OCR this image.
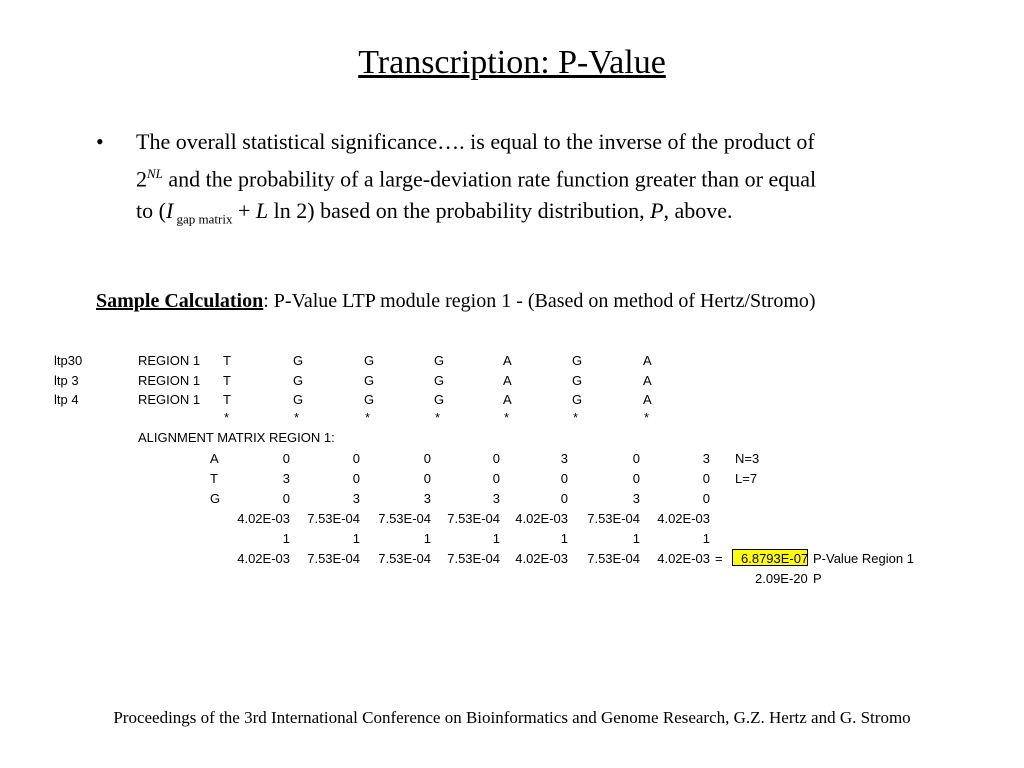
Transcription: P-Value
• The overall statistical significance…. is equal to the inverse of the product of
$2^{NL}$ and the probability of a large-deviation rate function greater than or equal
to (I $_{gap matrix}$ + L ln 2) based on the probability distribution, P, above.
Sample Calculation: P-Value LTP module region 1 - (Based on method of Hertz/Stromo)
ltp30	REGION 1 T	G	G	G	A	G	A
ltp 3	REGION 1 T	G	G	G	A	G	A
ltp 4	REGION 1 T	G	G	G	A	G	A
*	*	*	*	*	*	*
ALIGNMENT MATRIX REGION 1:
A	0	0	0	0	3	0	3 N=3
T	3	0	0	0	0	0	0 L=7
G	0	3	3	3	0	3	0
4.02E-03	7.53E-04	7.53E-04	7.53E-04	4.02E-03	7.53E-04	4.02E-03
1	1	1	1	1	1	1
4.02E-03	7.53E-04	7.53E-04	7.53E-04	4.02E-03	7.53E-04	4.02E-03 = 6.8793E-07 P-Value Region 1
2.09E-20 P
Proceedings of the 3rd International Conference on Bioinformatics and Genome Research, G.Z. Hertz and G. Stromo
